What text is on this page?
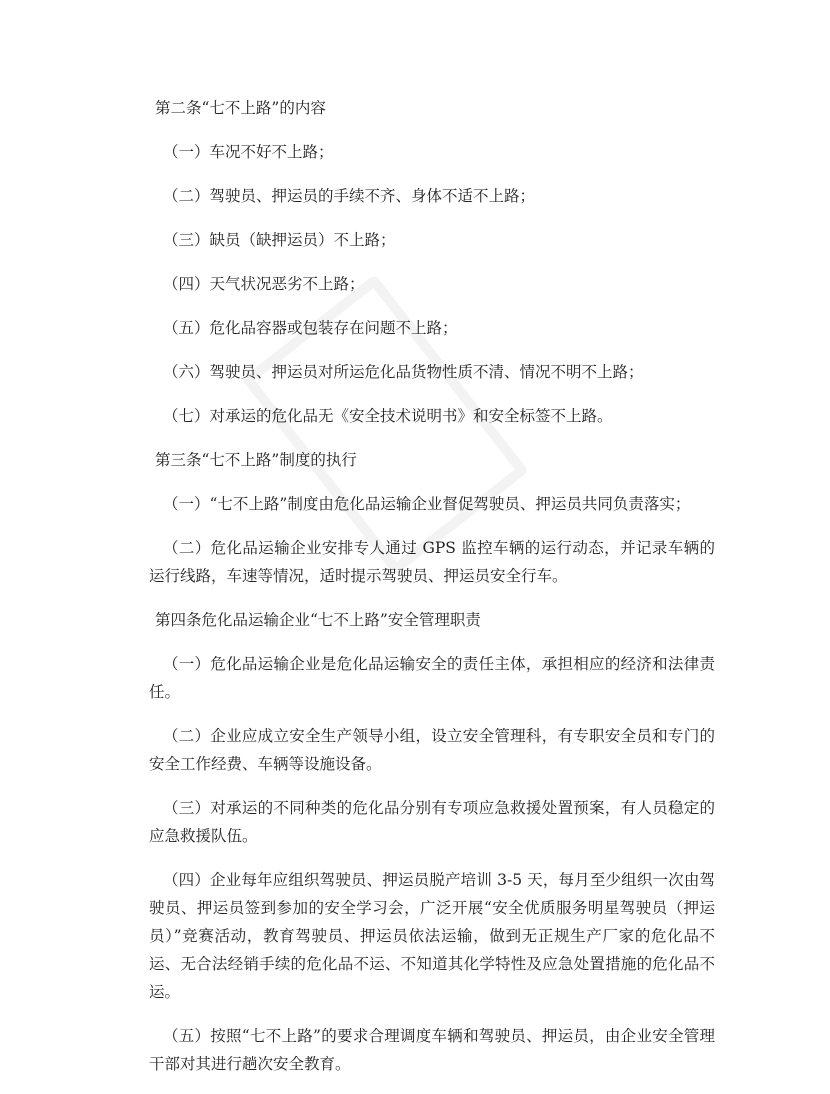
第二条“七不上路”的内容

（一）车况不好不上路；

（二）驾驶员、押运员的手续不齐、身体不适不上路；

（三）缺员（缺押运员）不上路；

（四）天气状况恶劣不上路；

（五）危化品容器或包装存在问题不上路；

（六）驾驶员、押运员对所运危化品货物性质不清、情况不明不上路；

（七）对承运的危化品无《安全技术说明书》和安全标签不上路。

第三条“七不上路”制度的执行

（一）“七不上路”制度由危化品运输企业督促驾驶员、押运员共同负责落实；

（二）危化品运输企业安排专人通过 GPS 监控车辆的运行动态，并记录车辆的运行线路，车速等情况，适时提示驾驶员、押运员安全行车。

第四条危化品运输企业“七不上路”安全管理职责

（一）危化品运输企业是危化品运输安全的责任主体，承担相应的经济和法律责任。

（二）企业应成立安全生产领导小组，设立安全管理科，有专职安全员和专门的安全工作经费、车辆等设施设备。

（三）对承运的不同种类的危化品分别有专项应急救援处置预案，有人员稳定的应急救援队伍。

（四）企业每年应组织驾驶员、押运员脱产培训 3-5 天，每月至少组织一次由驾驶员、押运员签到参加的安全学习会，广泛开展“安全优质服务明星驾驶员（押运员）”竞赛活动，教育驾驶员、押运员依法运输，做到无正规生产厂家的危化品不运、无合法经销手续的危化品不运、不知道其化学特性及应急处置措施的危化品不运。

（五）按照“七不上路”的要求合理调度车辆和驾驶员、押运员，由企业安全管理干部对其进行趟次安全教育。
